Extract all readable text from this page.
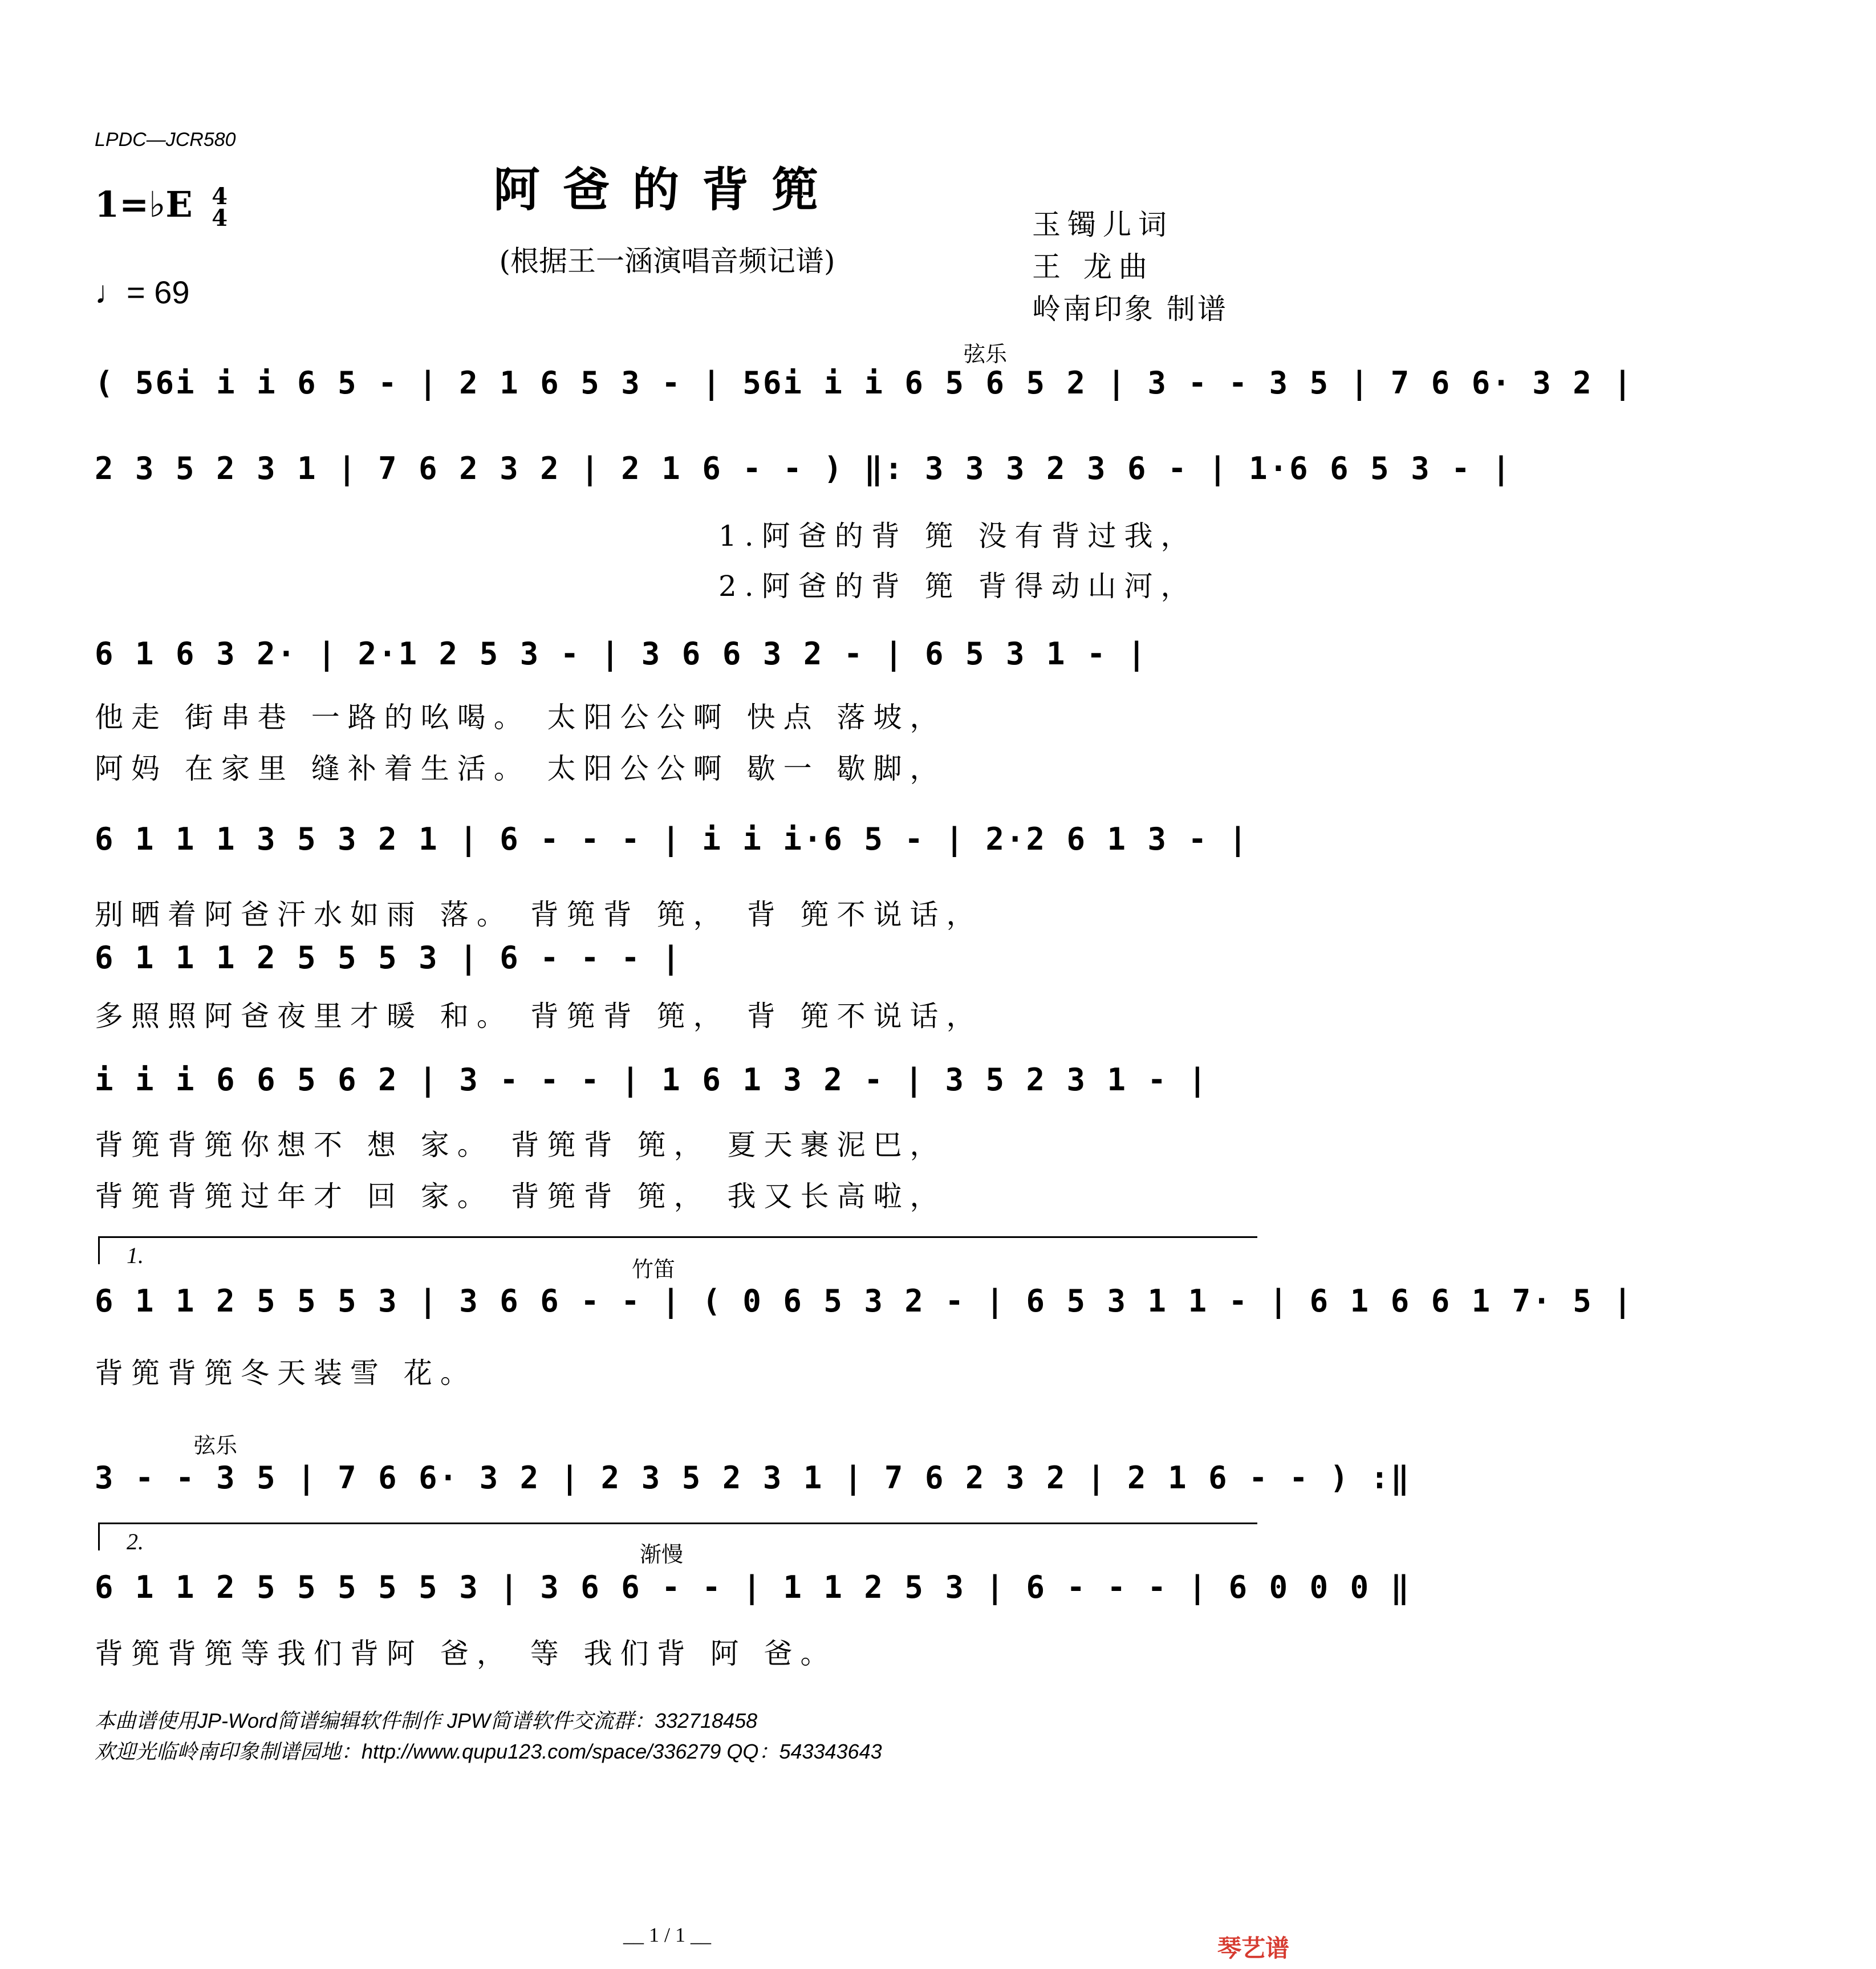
LPDC—JCR580
阿爸的背篼
(根据王一涵演唱音频记谱)
1=♭E 4
4
♩= 69
玉镯儿词
王 龙曲
岭南印象 制谱
弦乐
( 56i i i 6 5 - | 2 1 6 5 3 - | 56i i i 6 5 6 5 2 | 3 - - 3 5 | 7 6 6· 3 2 |
2 3 5 2 3 1 | 7 6 2 3 2 | 2 1 6 - - ) ‖: 3 3 3 2 3 6 - | 1·6 6 5 3 - |
1.阿爸的背 篼 没有背过我，
2.阿爸的背 篼 背得动山河，
6 1 6 3 2· | 2·1 2 5 3 - | 3 6 6 3 2 - | 6 5 3 1 - |
他走 街串巷 一路的吆喝。 太阳公公啊 快点 落坡，
阿妈 在家里 缝补着生活。 太阳公公啊 歇一 歇脚，
6 1 1 1 3 5 3 2 1 | 6 - - - | i i i·6 5 - | 2·2 6 1 3 - |
别晒着阿爸汗水如雨 落。 背篼背 篼， 背 篼不说话，
6 1 1 1 2 5 5 5 3 | 6 - - - |
多照照阿爸夜里才暖 和。 背篼背 篼， 背 篼不说话，
i i i 6 6 5 6 2 | 3 - - - | 1 6 1 3 2 - | 3 5 2 3 1 - |
背篼背篼你想不 想 家。 背篼背 篼， 夏天裹泥巴，
背篼背篼过年才 回 家。 背篼背 篼， 我又长高啦，
1.
竹笛
6 1 1 2 5 5 5 3 | 3 6 6 - - | ( 0 6 5 3 2 - | 6 5 3 1 1 - | 6 1 6 6 1 7· 5 |
背篼背篼冬天装雪 花。
弦乐
3 - - 3 5 | 7 6 6· 3 2 | 2 3 5 2 3 1 | 7 6 2 3 2 | 2 1 6 - - ) :‖
2.
渐慢
6 1 1 2 5 5 5 5 5 3 | 3 6 6 - - | 1 1 2 5 3 | 6 - - - | 6 0 0 0 ‖
背篼背篼等我们背阿 爸， 等 我们背 阿 爸。
本曲谱使用JP-Word简谱编辑软件制作 JPW简谱软件交流群：332718458
欢迎光临岭南印象制谱园地：http://www.qupu123.com/space/336279 QQ：543343643
__ 1 / 1 __	琴艺谱
